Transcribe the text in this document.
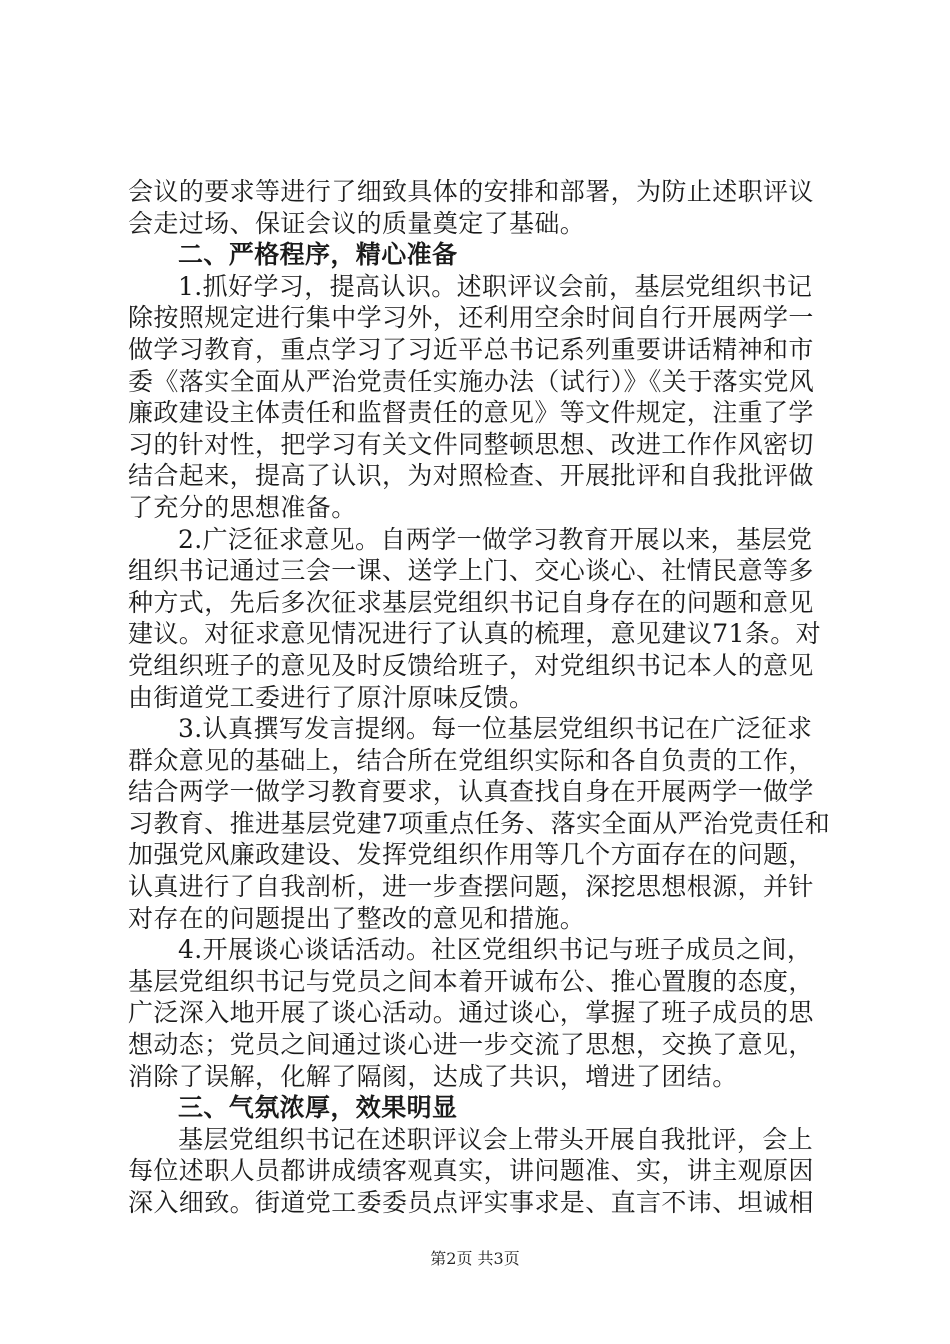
会议的要求等进行了细致具体的安排和部署，为防止述职评议会走过场、保证会议的质量奠定了基础。

二、严格程序，精心准备

1.抓好学习，提高认识。述职评议会前，基层党组织书记除按照规定进行集中学习外，还利用空余时间自行开展两学一做学习教育，重点学习了习近平总书记系列重要讲话精神和市委《落实全面从严治党责任实施办法（试行）》《关于落实党风廉政建设主体责任和监督责任的意见》等文件规定，注重了学习的针对性，把学习有关文件同整顿思想、改进工作作风密切结合起来，提高了认识，为对照检查、开展批评和自我批评做了充分的思想准备。

2.广泛征求意见。自两学一做学习教育开展以来，基层党组织书记通过三会一课、送学上门、交心谈心、社情民意等多种方式，先后多次征求基层党组织书记自身存在的问题和意见建议。对征求意见情况进行了认真的梳理，意见建议71条。对党组织班子的意见及时反馈给班子，对党组织书记本人的意见由街道党工委进行了原汁原味反馈。

3.认真撰写发言提纲。每一位基层党组织书记在广泛征求群众意见的基础上，结合所在党组织实际和各自负责的工作，结合两学一做学习教育要求，认真查找自身在开展两学一做学习教育、推进基层党建7项重点任务、落实全面从严治党责任和加强党风廉政建设、发挥党组织作用等几个方面存在的问题，认真进行了自我剖析，进一步查摆问题，深挖思想根源，并针对存在的问题提出了整改的意见和措施。

4.开展谈心谈话活动。社区党组织书记与班子成员之间，基层党组织书记与党员之间本着开诚布公、推心置腹的态度，广泛深入地开展了谈心活动。通过谈心，掌握了班子成员的思想动态；党员之间通过谈心进一步交流了思想，交换了意见，消除了误解，化解了隔阂，达成了共识，增进了团结。

三、气氛浓厚，效果明显

基层党组织书记在述职评议会上带头开展自我批评，会上每位述职人员都讲成绩客观真实，讲问题准、实，讲主观原因深入细致。街道党工委委员点评实事求是、直言不讳、坦诚相

第2页 共3页
